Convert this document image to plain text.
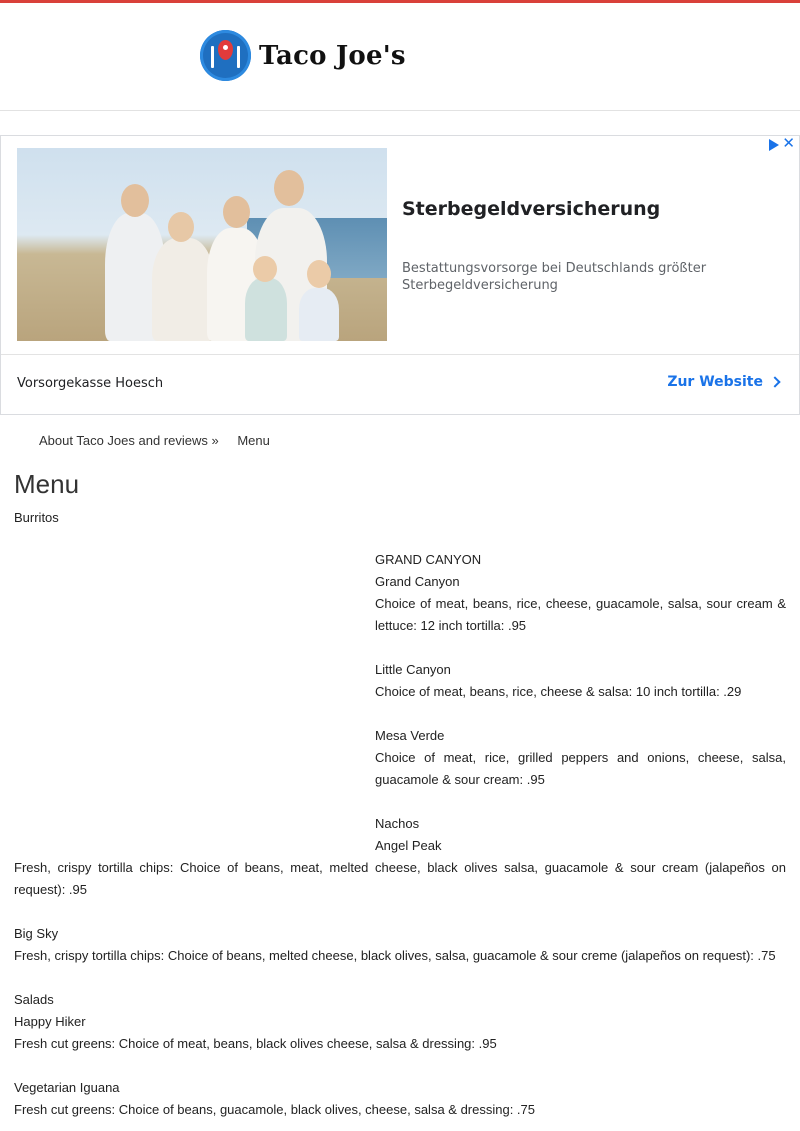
Taco Joe's
✕
Sterbegeldversicherung
Bestattungsvorsorge bei Deutschlands größter Sterbegeldversicherung
Vorsorgekasse Hoesch	Zur Website
About Taco Joes and reviews » Menu
Menu
Burritos
GRAND CANYON
Grand Canyon
Choice of meat, beans, rice, cheese, guacamole, salsa, sour cream & lettuce: 12 inch tortilla: .95
Little Canyon
Choice of meat, beans, rice, cheese & salsa: 10 inch tortilla: .29
Mesa Verde
Choice of meat, rice, grilled peppers and onions, cheese, salsa, guacamole & sour cream: .95
Nachos
Angel Peak
Fresh, crispy tortilla chips: Choice of beans, meat, melted cheese, black olives salsa, guacamole & sour cream (jalapeños on request): .95
Big Sky
Fresh, crispy tortilla chips: Choice of beans, melted cheese, black olives, salsa, guacamole & sour creme (jalapeños on request): .75
Salads
Happy Hiker
Fresh cut greens: Choice of meat, beans, black olives cheese, salsa & dressing: .95
Vegetarian Iguana
Fresh cut greens: Choice of beans, guacamole, black olives, cheese, salsa & dressing: .75
